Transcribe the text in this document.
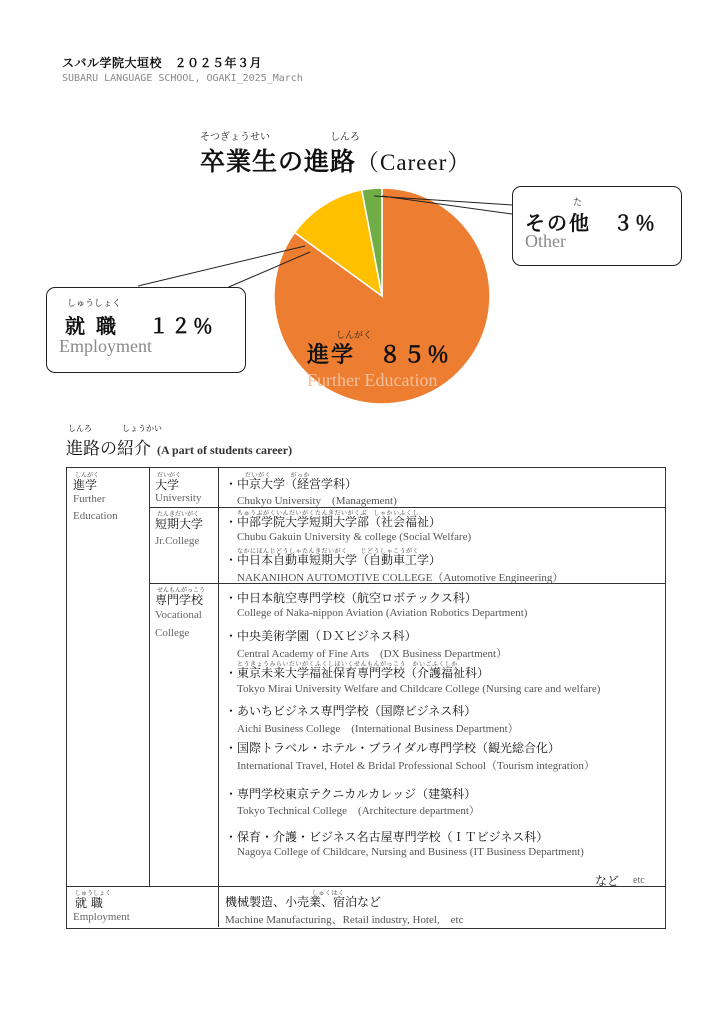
スバル学院大垣校　２０２５年３月
SUBARU LANGUAGE SCHOOL, OGAKI_2025_March
そつぎょうせい	しんろ
卒業生の進路（Career）
しんがく
進学　８５％
Further Education
しゅうしょく
就 職　 １２％
Employment
た
その他　３％
Other
しんろ	しょうかい
進路の紹介 (A part of students career)
しんがく
進学
Further
Education
だいがく
大学
University
たんきだいがく
短期大学
Jr.College
せんもんがっこう
専門学校
Vocational
College
だいがく　　　がっか
・中京大学（経営学科）
Chukyo University　(Management)
ちゅうぶがくいんだいがくたんきだいがくぶ　しゃかいふくし
・中部学院大学短期大学部（社会福祉）
Chubu Gakuin University & college (Social Welfare)
なかにほんじどうしゃたんきだいがく　　じどうしゃこうがく
・中日本自動車短期大学（自動車工学）
NAKANIHON AUTOMOTIVE COLLEGE（Automotive Engineering）
・中日本航空専門学校（航空ロボテックス科）
College of Naka-nippon Aviation (Aviation Robotics Department)
・中央美術学園（ＤＸビジネス科）
Central Academy of Fine Arts　(DX Business Department）
とうきょうみらいだいがくふくしほいくせんもんがっこう　かいごふくしか
・東京未来大学福祉保育専門学校（介護福祉科）
Tokyo Mirai University Welfare and Childcare College (Nursing care and welfare)
・あいちビジネス専門学校（国際ビジネス科）
Aichi Business College　(International Business Department）
・国際トラベル・ホテル・ブライダル専門学校（観光総合化）
International Travel, Hotel & Bridal Professional School（Tourism integration）
・専門学校東京テクニカルカレッジ（建築科）
Tokyo Technical College　(Architecture department）
・保育・介護・ビジネス名古屋専門学校（ＩＴビジネス科）
Nagoya College of Childcare, Nursing and Business (IT Business Department)
など etc
しゅうしょく
就 職
Employment
しゅくはく
機械製造、小売業、宿泊など
Machine Manufacturing、Retail industry, Hotel,　etc
